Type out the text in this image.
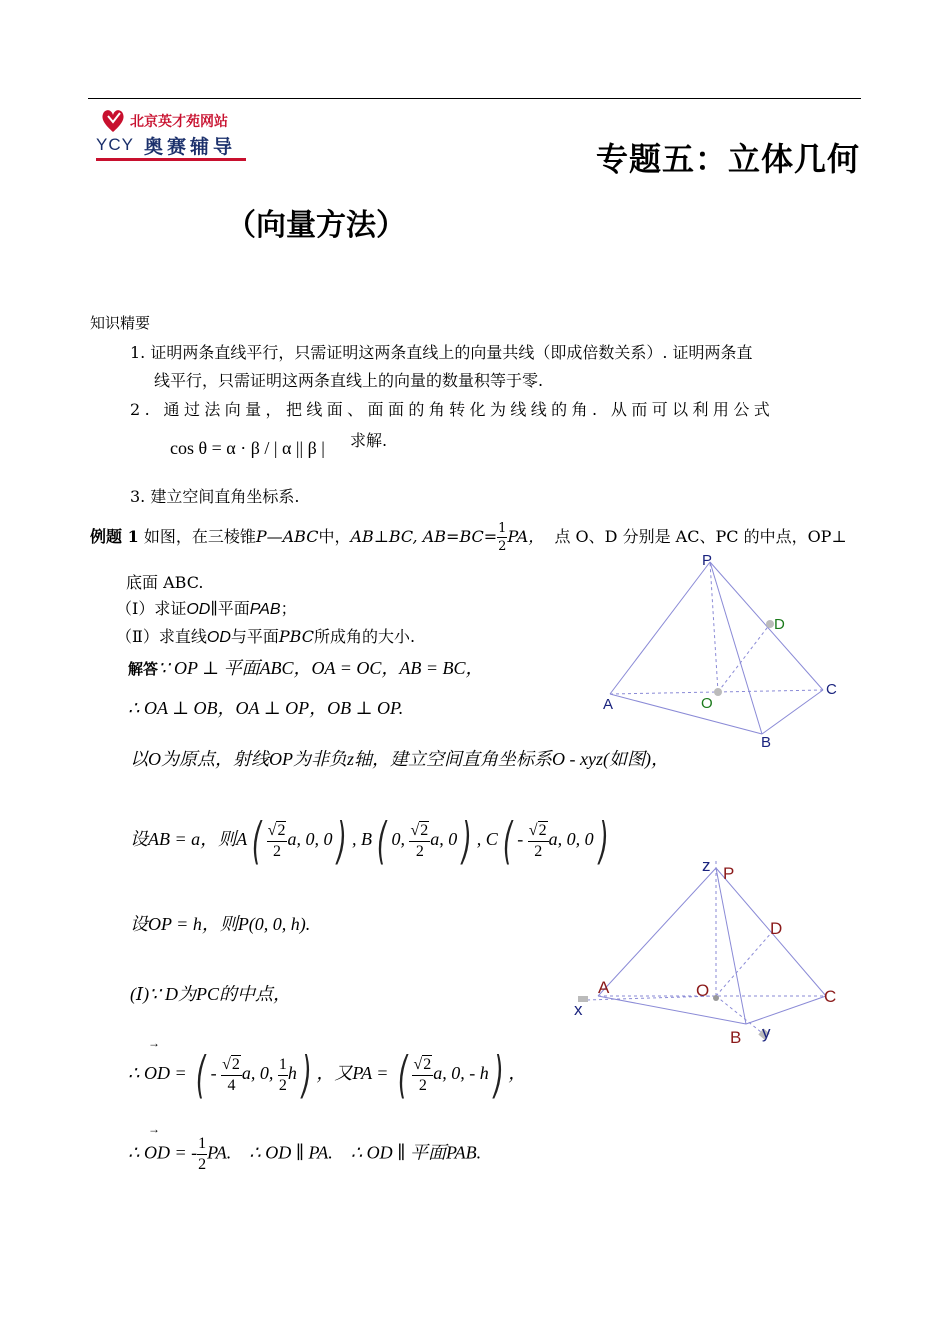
北京英才苑网站
YCY 奥赛辅导	专题五：立体几何
（向量方法）
知识精要
1. 证明两条直线平行，只需证明这两条直线上的向量共线（即成倍数关系）. 证明两条直
线平行，只需证明这两条直线上的向量的数量积等于零.
2. 通过法向量，把线面、面面的角转化为线线的角. 从而可以利用公式
cos θ = α · β / | α || β | 求解.
3. 建立空间直角坐标系.
例题 1 如图，在三棱锥P—ABC中，AB⊥BC, $AB=BC= \frac{1}{2}$ PA， 点 O、D 分别是 AC、PC 的中点，OP⊥
底面 ABC.
（Ⅰ）求证OD∥平面PAB；
（Ⅱ）求直线OD与平面PBC所成角的大小.
P
D
A	O
C
B
解答∵ OP ⊥ 平面ABC，OA = OC，AB = BC，
∴ OA ⊥ OB，OA ⊥ OP，OB ⊥ OP.
以O为原点，射线OP为非负z轴，建立空间直角坐标系O - xyz(如图)，
设AB = a，则$A( \frac{√2}{2} a$, 0, 0) , B( 0, $\frac{√2}{2} a$, 0) , $C( - \frac{√2}{2} a$, 0, 0)
设OP = h，则P(0, 0, h).
(Ⅰ)∵ D为PC的中点，
→
∴ OD = ( - $\frac{√2}{4} a$, 0, $\frac{1}{2} h$) ，又PA = ( $\frac{√2}{2} a$, 0, - h) ，
→
∴ OD = - $\frac{1}{2}$ PA. ∴ OD ∥ PA. ∴ OD ∥ 平面PAB.
z P
D
A	O	C
x
B y
